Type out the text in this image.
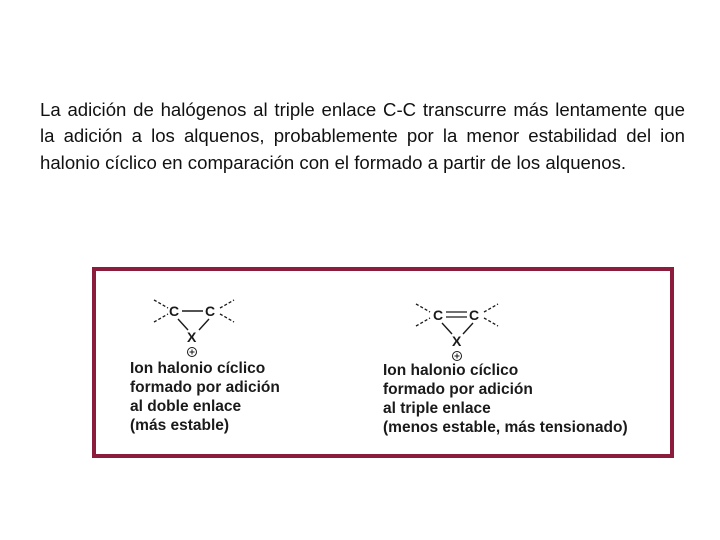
La adición de halógenos al triple enlace C-C transcurre más lentamente que la adición a los alquenos, probablemente por la menor estabilidad del ion halonio cíclico en comparación con el formado a partir de los alquenos.

C C
X
Ion halonio cíclico
formado por adición
al doble enlace
(más estable)
C C
X
Ion halonio cíclico
formado por adición
al triple enlace
(menos estable, más tensionado)
